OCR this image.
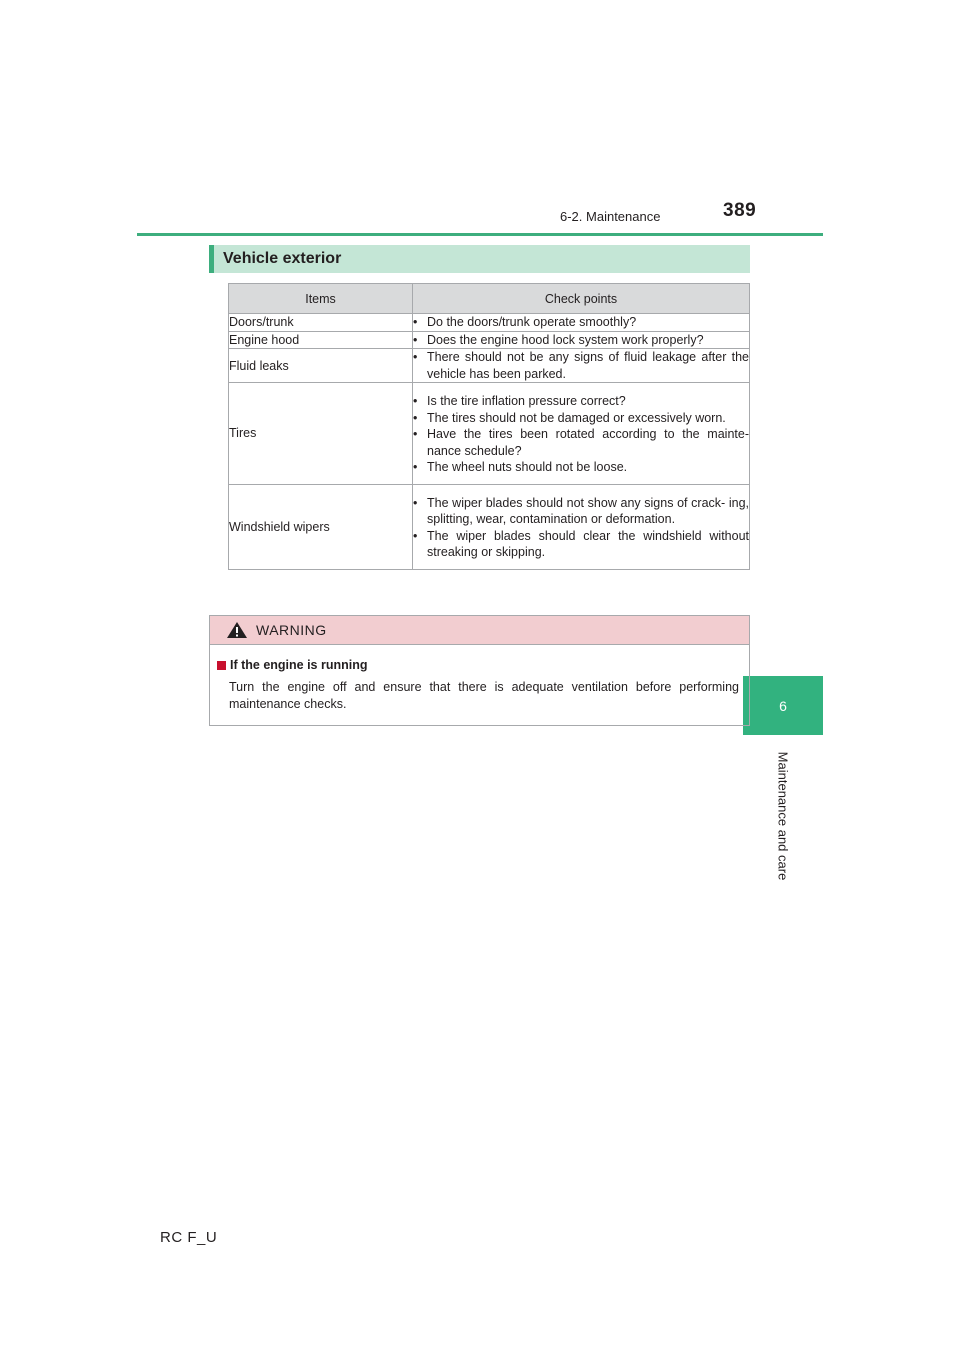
6-2. Maintenance	389
6
Maintenance and care
Vehicle exterior
Items	Check points
Doors/trunk	• Do the doors/trunk operate smoothly?

Engine hood	• Does the engine hood lock system work properly?

Fluid leaks	• There should not be any signs of fluid leakage after the vehicle has been parked.

Tires	• Is the tire inflation pressure correct?
• The tires should not be damaged or excessively worn.
• Have the tires been rotated according to the mainte- nance schedule?
• The wheel nuts should not be loose.

Windshield wipers	• The wiper blades should not show any signs of crack- ing, splitting, wear, contamination or deformation.
• The wiper blades should clear the windshield without streaking or skipping.
WARNING
If the engine is running
Turn the engine off and ensure that there is adequate ventilation before performing maintenance checks.
RC F_U
